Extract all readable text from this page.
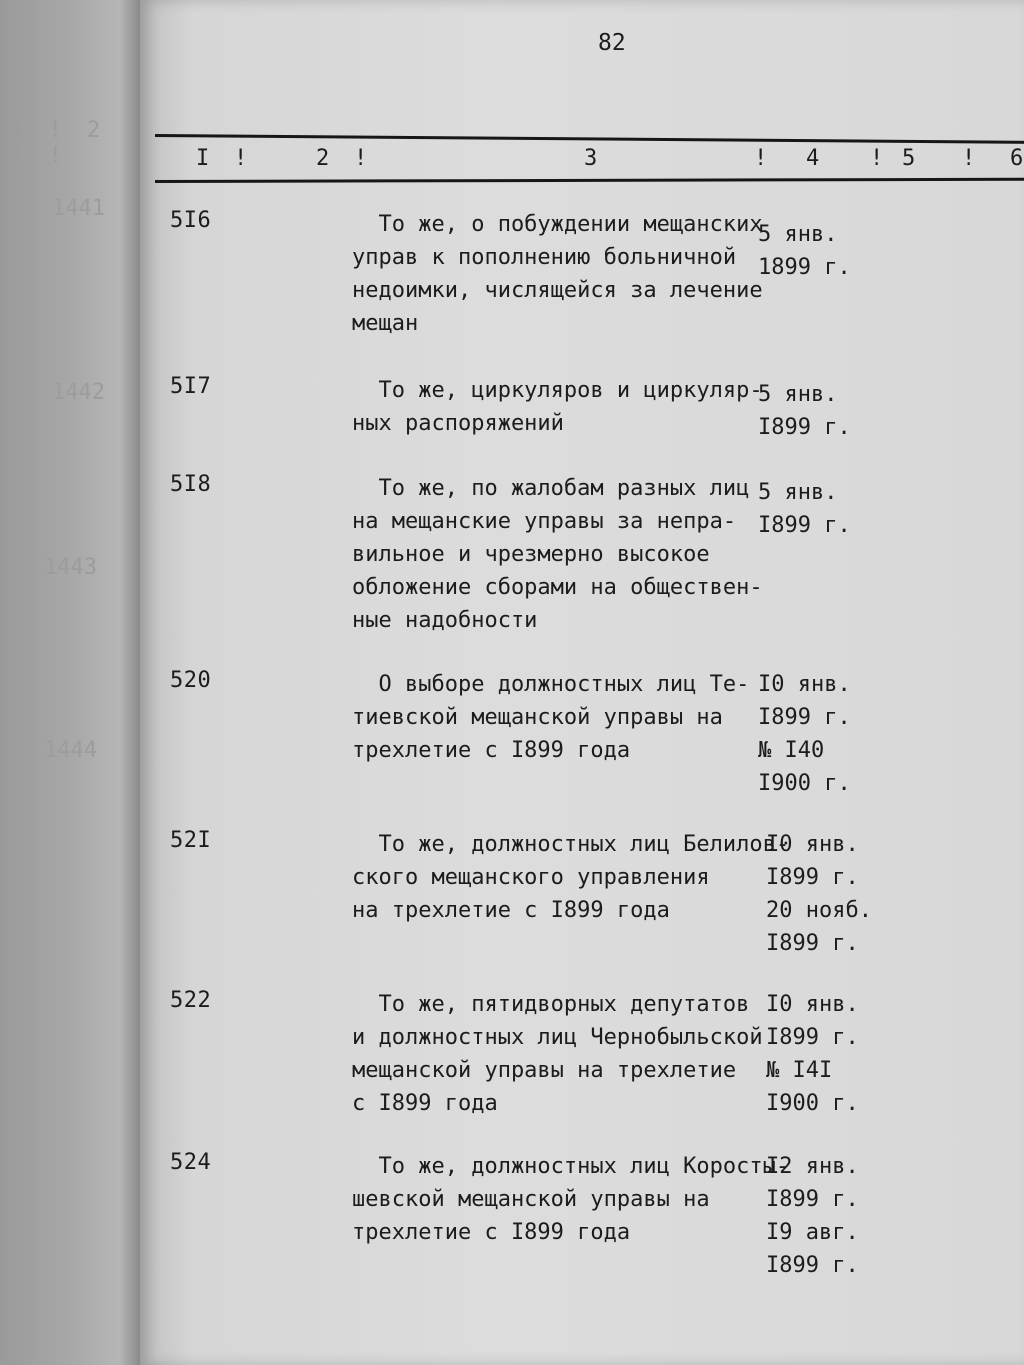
1 ! 2 ! !
1441
1442
1443
1444
82
I !	2 !	3	! 4 ! 5 ! 6
5I6	То же, о побуждении мещанских
управ к пополнению больничной
недоимки, числящейся за лечение
мещан
5 янв.
1899 г.
5I7	То же, циркуляров и циркуляр-
ных распоряжений
5 янв.
I899 г.
5I8	То же, по жалобам разных лиц
на мещанские управы за непра-
вильное и чрезмерно высокое
обложение сборами на обществен-
ные надобности
5 янв.
I899 г.
520	О выборе должностных лиц Те-
тиевской мещанской управы на
трехлетие с I899 года
I0 янв.
I899 г.
№ I40
I900 г.
52I	То же, должностных лиц Белилов-
ского мещанского управления
на трехлетие с I899 года
I0 янв.
I899 г.
20 нояб.
I899 г.
522	То же, пятидворных депутатов
и должностных лиц Чернобыльской
мещанской управы на трехлетие
с I899 года
I0 янв.
I899 г.
№ I4I
I900 г.
524	То же, должностных лиц Коросты-
шевской мещанской управы на
трехлетие с I899 года
I2 янв.
I899 г.
I9 авг.
I899 г.
